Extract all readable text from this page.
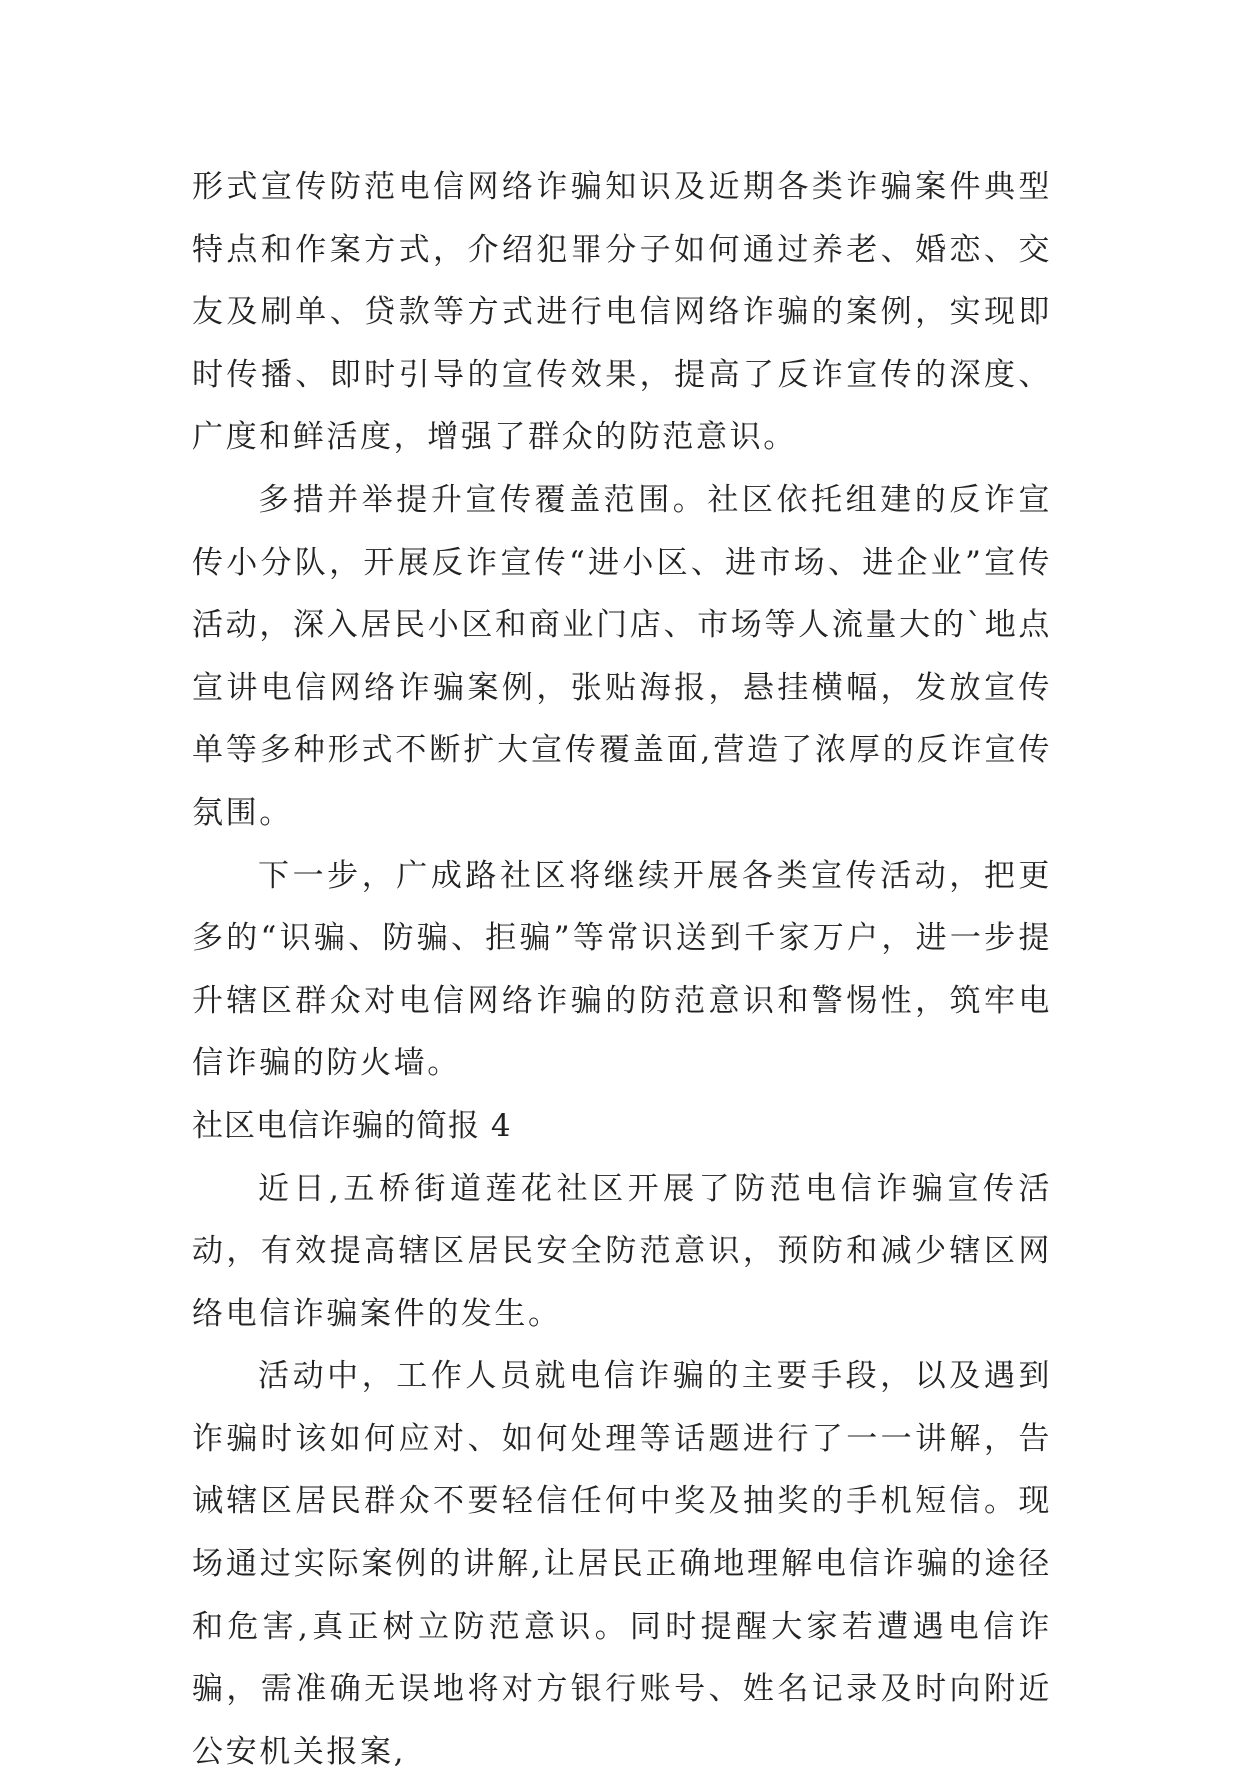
形式宣传防范电信网络诈骗知识及近期各类诈骗案件典型特点和作案方式，介绍犯罪分子如何通过养老、婚恋、交友及刷单、贷款等方式进行电信网络诈骗的案例，实现即时传播、即时引导的宣传效果，提高了反诈宣传的深度、广度和鲜活度，增强了群众的防范意识。

多措并举提升宣传覆盖范围。社区依托组建的反诈宣传小分队，开展反诈宣传“进小区、进市场、进企业”宣传活动，深入居民小区和商业门店、市场等人流量大的`地点宣讲电信网络诈骗案例，张贴海报，悬挂横幅，发放宣传单等多种形式不断扩大宣传覆盖面,营造了浓厚的反诈宣传氛围。

下一步，广成路社区将继续开展各类宣传活动，把更多的“识骗、防骗、拒骗”等常识送到千家万户，进一步提升辖区群众对电信网络诈骗的防范意识和警惕性，筑牢电信诈骗的防火墙。

社区电信诈骗的简报 4

近日,五桥街道莲花社区开展了防范电信诈骗宣传活动，有效提高辖区居民安全防范意识，预防和减少辖区网络电信诈骗案件的发生。

活动中，工作人员就电信诈骗的主要手段，以及遇到诈骗时该如何应对、如何处理等话题进行了一一讲解，告诫辖区居民群众不要轻信任何中奖及抽奖的手机短信。现场通过实际案例的讲解,让居民正确地理解电信诈骗的途径和危害,真正树立防范意识。同时提醒大家若遭遇电信诈骗，需准确无误地将对方银行账号、姓名记录及时向附近公安机关报案,
